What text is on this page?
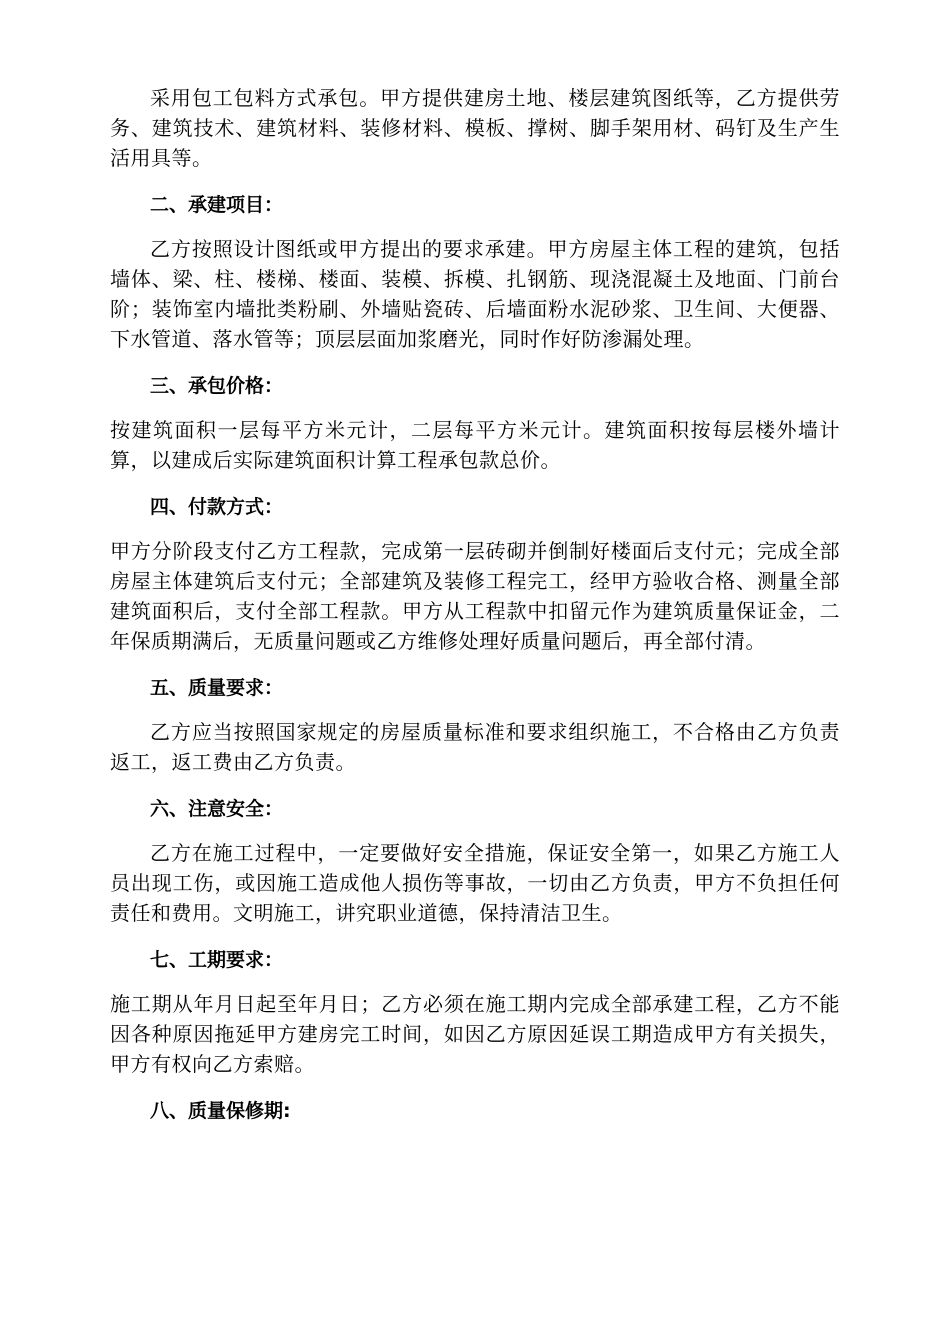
采用包工包料方式承包。甲方提供建房土地、楼层建筑图纸等，乙方提供劳务、建筑技术、建筑材料、装修材料、模板、撑树、脚手架用材、码钉及生产生活用具等。

二、承建项目：

乙方按照设计图纸或甲方提出的要求承建。甲方房屋主体工程的建筑，包括墙体、梁、柱、楼梯、楼面、装模、拆模、扎钢筋、现浇混凝土及地面、门前台阶；装饰室内墙批类粉刷、外墙贴瓷砖、后墙面粉水泥砂浆、卫生间、大便器、下水管道、落水管等；顶层层面加浆磨光，同时作好防渗漏处理。

三、承包价格：

按建筑面积一层每平方米元计，二层每平方米元计。建筑面积按每层楼外墙计算，以建成后实际建筑面积计算工程承包款总价。

四、付款方式：

甲方分阶段支付乙方工程款，完成第一层砖砌并倒制好楼面后支付元；完成全部房屋主体建筑后支付元；全部建筑及装修工程完工，经甲方验收合格、测量全部建筑面积后，支付全部工程款。甲方从工程款中扣留元作为建筑质量保证金，二年保质期满后，无质量问题或乙方维修处理好质量问题后，再全部付清。

五、质量要求：

乙方应当按照国家规定的房屋质量标准和要求组织施工，不合格由乙方负责返工，返工费由乙方负责。

六、注意安全：

乙方在施工过程中，一定要做好安全措施，保证安全第一，如果乙方施工人员出现工伤，或因施工造成他人损伤等事故，一切由乙方负责，甲方不负担任何责任和费用。文明施工，讲究职业道德，保持清洁卫生。

七、工期要求：

施工期从年月日起至年月日；乙方必须在施工期内完成全部承建工程，乙方不能因各种原因拖延甲方建房完工时间，如因乙方原因延误工期造成甲方有关损失，甲方有权向乙方索赔。

八、质量保修期:
